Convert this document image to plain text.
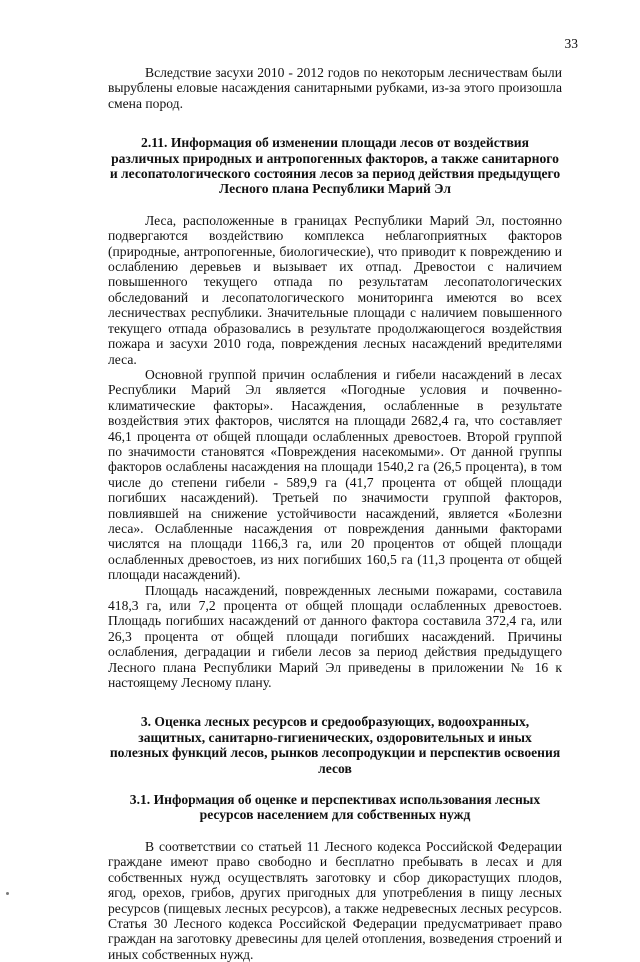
33

Вследствие засухи 2010 - 2012 годов по некоторым лесничествам были вырублены еловые насаждения санитарными рубками, из-за этого произошла смена пород.

2.11. Информация об изменении площади лесов от воздействия различных природных и антропогенных факторов, а также санитарного и лесопатологического состояния лесов за период действия предыдущего Лесного плана Республики Марий Эл

Леса, расположенные в границах Республики Марий Эл, постоянно подвергаются воздействию комплекса неблагоприятных факторов (природные, антропогенные, биологические), что приводит к повреждению и ослаблению деревьев и вызывает их отпад. Древостои с наличием повышенного текущего отпада по результатам лесопатологических обследований и лесопатологического мониторинга имеются во всех лесничествах республики. Значительные площади с наличием повышенного текущего отпада образовались в результате продолжающегося воздействия пожара и засухи 2010 года, повреждения лесных насаждений вредителями леса.

Основной группой причин ослабления и гибели насаждений в лесах Республики Марий Эл является «Погодные условия и почвенно-климатические факторы». Насаждения, ослабленные в результате воздействия этих факторов, числятся на площади 2682,4 га, что составляет 46,1 процента от общей площади ослабленных древостоев. Второй группой по значимости становятся «Повреждения насекомыми». От данной группы факторов ослаблены насаждения на площади 1540,2 га (26,5 процента), в том числе до степени гибели - 589,9 га (41,7 процента от общей площади погибших насаждений). Третьей по значимости группой факторов, повлиявшей на снижение устойчивости насаждений, является «Болезни леса». Ослабленные насаждения от повреждения данными факторами числятся на площади 1166,3 га, или 20 процентов от общей площади ослабленных древостоев, из них погибших 160,5 га (11,3 процента от общей площади насаждений).

Площадь насаждений, поврежденных лесными пожарами, составила 418,3 га, или 7,2 процента от общей площади ослабленных древостоев. Площадь погибших насаждений от данного фактора составила 372,4 га, или 26,3 процента от общей площади погибших насаждений. Причины ослабления, деградации и гибели лесов за период действия предыдущего Лесного плана Республики Марий Эл приведены в приложении № 16 к настоящему Лесному плану.

3. Оценка лесных ресурсов и средообразующих, водоохранных, защитных, санитарно-гигиенических, оздоровительных и иных полезных функций лесов, рынков лесопродукции и перспектив освоения лесов
3.1. Информация об оценке и перспективах использования лесных ресурсов населением для собственных нужд

В соответствии со статьей 11 Лесного кодекса Российской Федерации граждане имеют право свободно и бесплатно пребывать в лесах и для собственных нужд осуществлять заготовку и сбор дикорастущих плодов, ягод, орехов, грибов, других пригодных для употребления в пищу лесных ресурсов (пищевых лесных ресурсов), а также недревесных лесных ресурсов. Статья 30 Лесного кодекса Российской Федерации предусматривает право граждан на заготовку древесины для целей отопления, возведения строений и иных собственных нужд.
